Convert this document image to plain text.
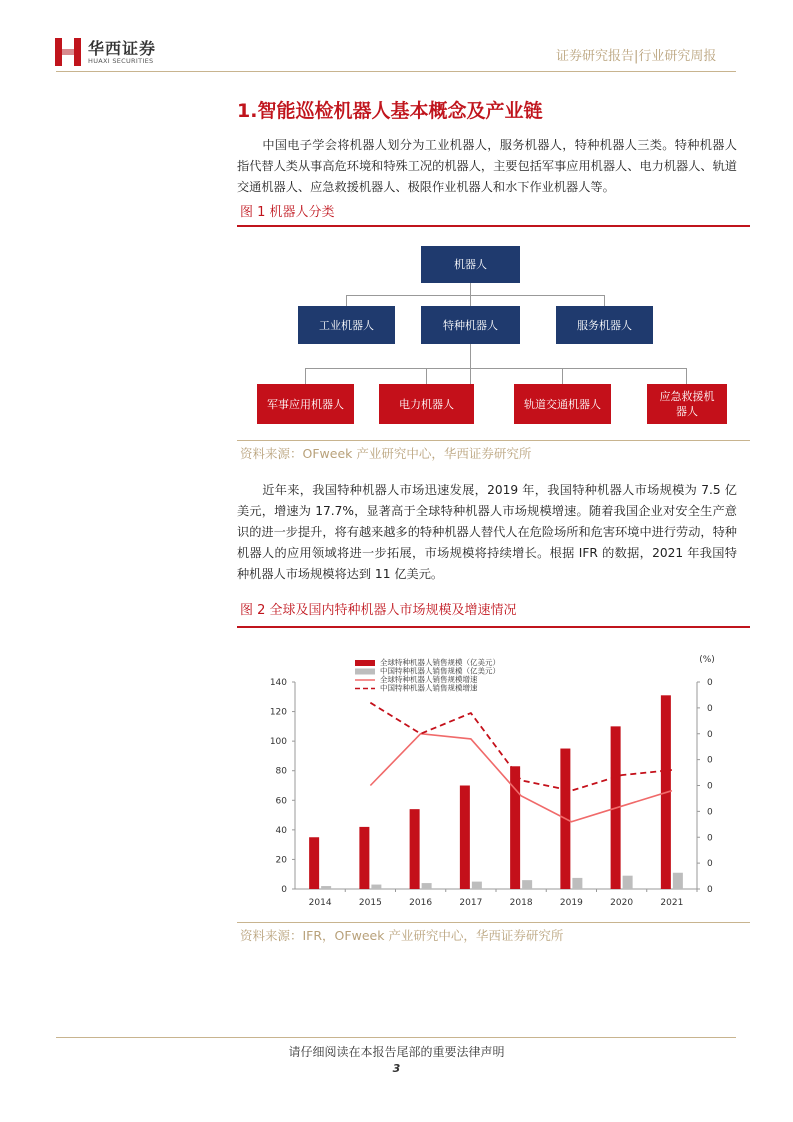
华西证券
HUAXI SECURITIES	证券研究报告|行业研究周报
1.智能巡检机器人基本概念及产业链
中国电子学会将机器人划分为工业机器人，服务机器人，特种机器人三类。特种机器人指代替人类从事高危环境和特殊工况的机器人，主要包括军事应用机器人、电力机器人、轨道交通机器人、应急救援机器人、极限作业机器人和水下作业机器人等。
图 1 机器人分类
机器人
工业机器人	特种机器人	服务机器人
军事应用机器人	电力机器人	轨道交通机器人
应急救援机器人
资料来源：OFweek 产业研究中心，华西证券研究所
近年来，我国特种机器人市场迅速发展，2019 年，我国特种机器人市场规模为 7.5 亿美元，增速为 17.7%，显著高于全球特种机器人市场规模增速。随着我国企业对安全生产意识的进一步提升，将有越来越多的特种机器人替代人在危险场所和危害环境中进行劳动，特种机器人的应用领域将进一步拓展，市场规模将持续增长。根据 IFR 的数据，2021 年我国特种机器人市场规模将达到 11 亿美元。
图 2 全球及国内特种机器人市场规模及增速情况
全球特种机器人销售规模（亿美元）
中国特种机器人销售规模（亿美元）
全球特种机器人销售规模增速
中国特种机器人销售规模增速
0
20
40
60
80
100
120
140
0
0
0
0
0
0
0
0
0
(%)
2014	2015	2016	2017	2018	2019	2020	2021
资料来源：IFR，OFweek 产业研究中心，华西证券研究所
请仔细阅读在本报告尾部的重要法律声明
3
